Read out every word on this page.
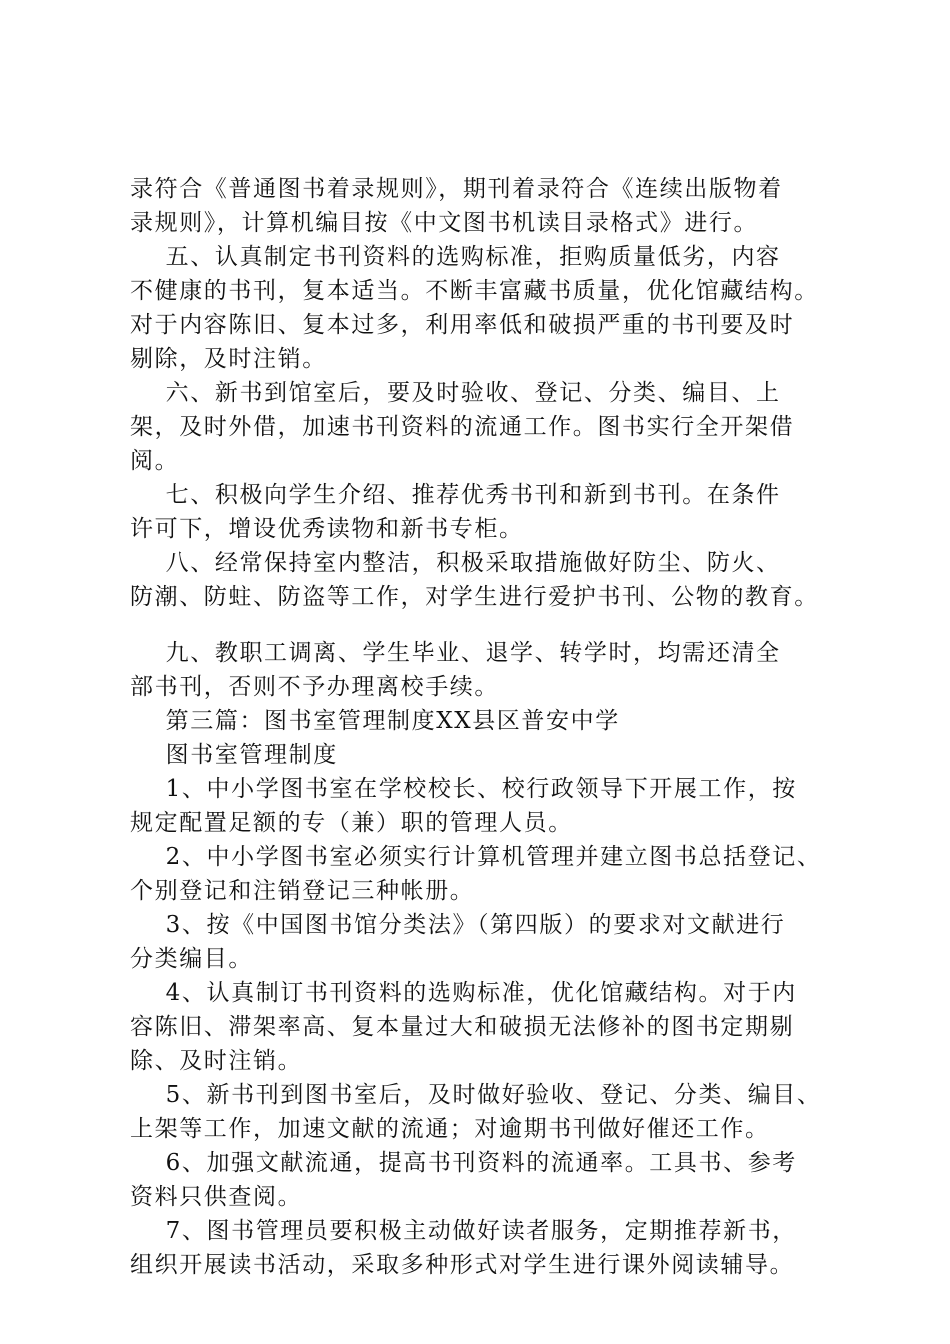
录符合《普通图书着录规则》，期刊着录符合《连续出版物着
录规则》，计算机编目按《中文图书机读目录格式》进行。

五、认真制定书刊资料的选购标准，拒购质量低劣，内容
不健康的书刊，复本适当。不断丰富藏书质量，优化馆藏结构。
对于内容陈旧、复本过多，利用率低和破损严重的书刊要及时
剔除，及时注销。

六、新书到馆室后，要及时验收、登记、分类、编目、上
架，及时外借，加速书刊资料的流通工作。图书实行全开架借
阅。

七、积极向学生介绍、推荐优秀书刊和新到书刊。在条件
许可下，增设优秀读物和新书专柜。

八、经常保持室内整洁，积极采取措施做好防尘、防火、
防潮、防蛀、防盗等工作，对学生进行爱护书刊、公物的教育。

九、教职工调离、学生毕业、退学、转学时，均需还清全
部书刊，否则不予办理离校手续。

第三篇：图书室管理制度XX县区普安中学

图书室管理制度

1、中小学图书室在学校校长、校行政领导下开展工作，按
规定配置足额的专（兼）职的管理人员。

2、中小学图书室必须实行计算机管理并建立图书总括登记、
个别登记和注销登记三种帐册。

3、按《中国图书馆分类法》（第四版）的要求对文献进行
分类编目。

4、认真制订书刊资料的选购标准，优化馆藏结构。对于内
容陈旧、滞架率高、复本量过大和破损无法修补的图书定期剔
除、及时注销。

5、新书刊到图书室后，及时做好验收、登记、分类、编目、
上架等工作，加速文献的流通；对逾期书刊做好催还工作。

6、加强文献流通，提高书刊资料的流通率。工具书、参考
资料只供查阅。

7、图书管理员要积极主动做好读者服务，定期推荐新书，
组织开展读书活动，采取多种形式对学生进行课外阅读辅导。
